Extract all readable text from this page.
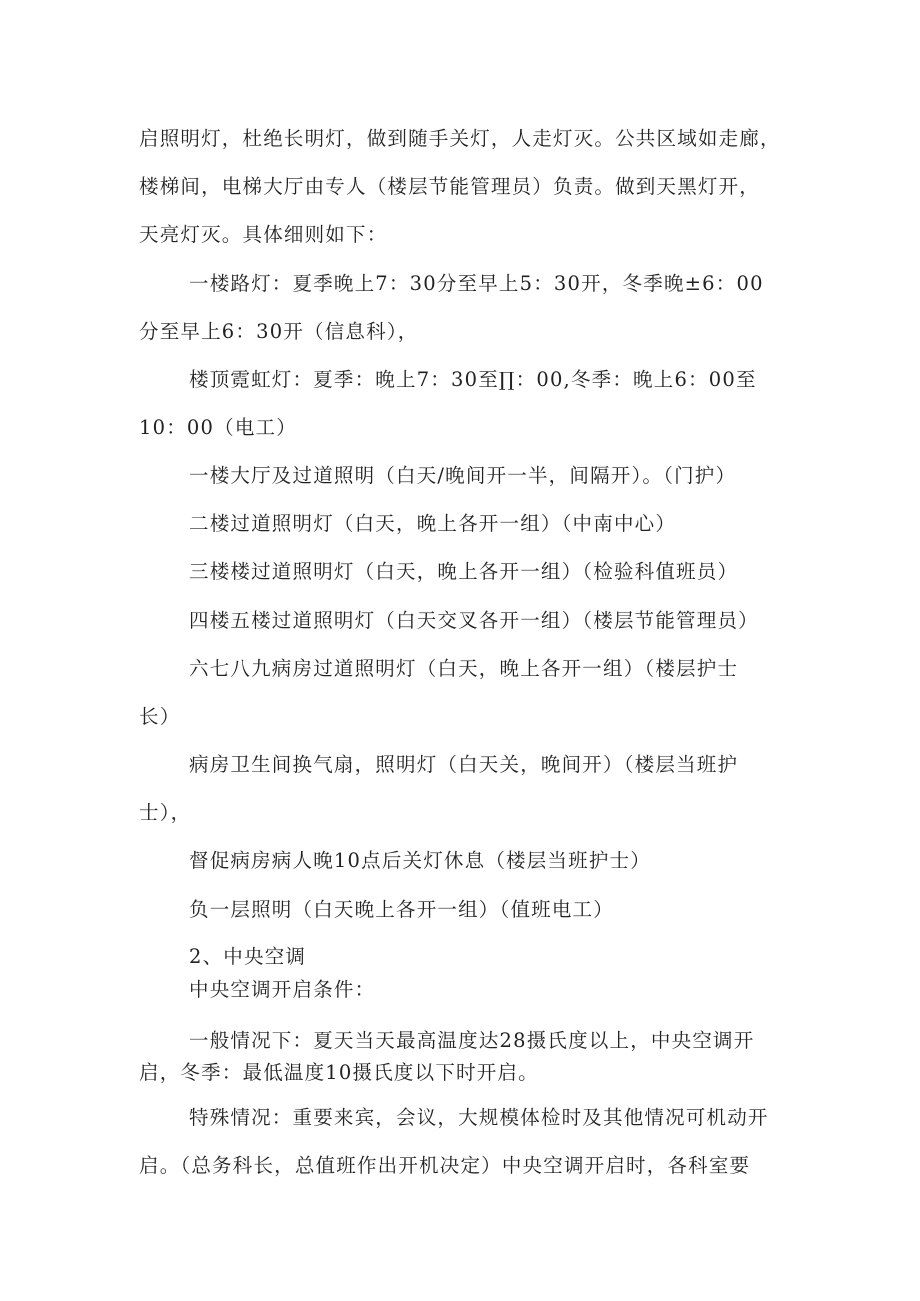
启照明灯，杜绝长明灯，做到随手关灯，人走灯灭。公共区域如走廊，
楼梯间，电梯大厅由专人（楼层节能管理员）负责。做到天黑灯开，
天亮灯灭。具体细则如下：
一楼路灯：夏季晚上7：30分至早上5：30开，冬季晚±6：00
分至早上6：30开（信息科），
楼顶霓虹灯：夏季：晚上7：30至∏：00,冬季：晚上6：00至
10：00（电工）
一楼大厅及过道照明（白天/晚间开一半，间隔开）。（门护）
二楼过道照明灯（白天，晚上各开一组）（中南中心）
三楼楼过道照明灯（白天，晚上各开一组）（检验科值班员）
四楼五楼过道照明灯（白天交叉各开一组）（楼层节能管理员）
六七八九病房过道照明灯（白天，晚上各开一组）（楼层护士
长）
病房卫生间换气扇，照明灯（白天关，晚间开）（楼层当班护
士），
督促病房病人晚10点后关灯休息（楼层当班护士）
负一层照明（白天晚上各开一组）（值班电工）
2、中央空调
中央空调开启条件：
一般情况下：夏天当天最高温度达28摄氏度以上，中央空调开
启，冬季：最低温度10摄氏度以下时开启。
特殊情况：重要来宾，会议，大规模体检时及其他情况可机动开
启。（总务科长，总值班作出开机决定）中央空调开启时，各科室要
